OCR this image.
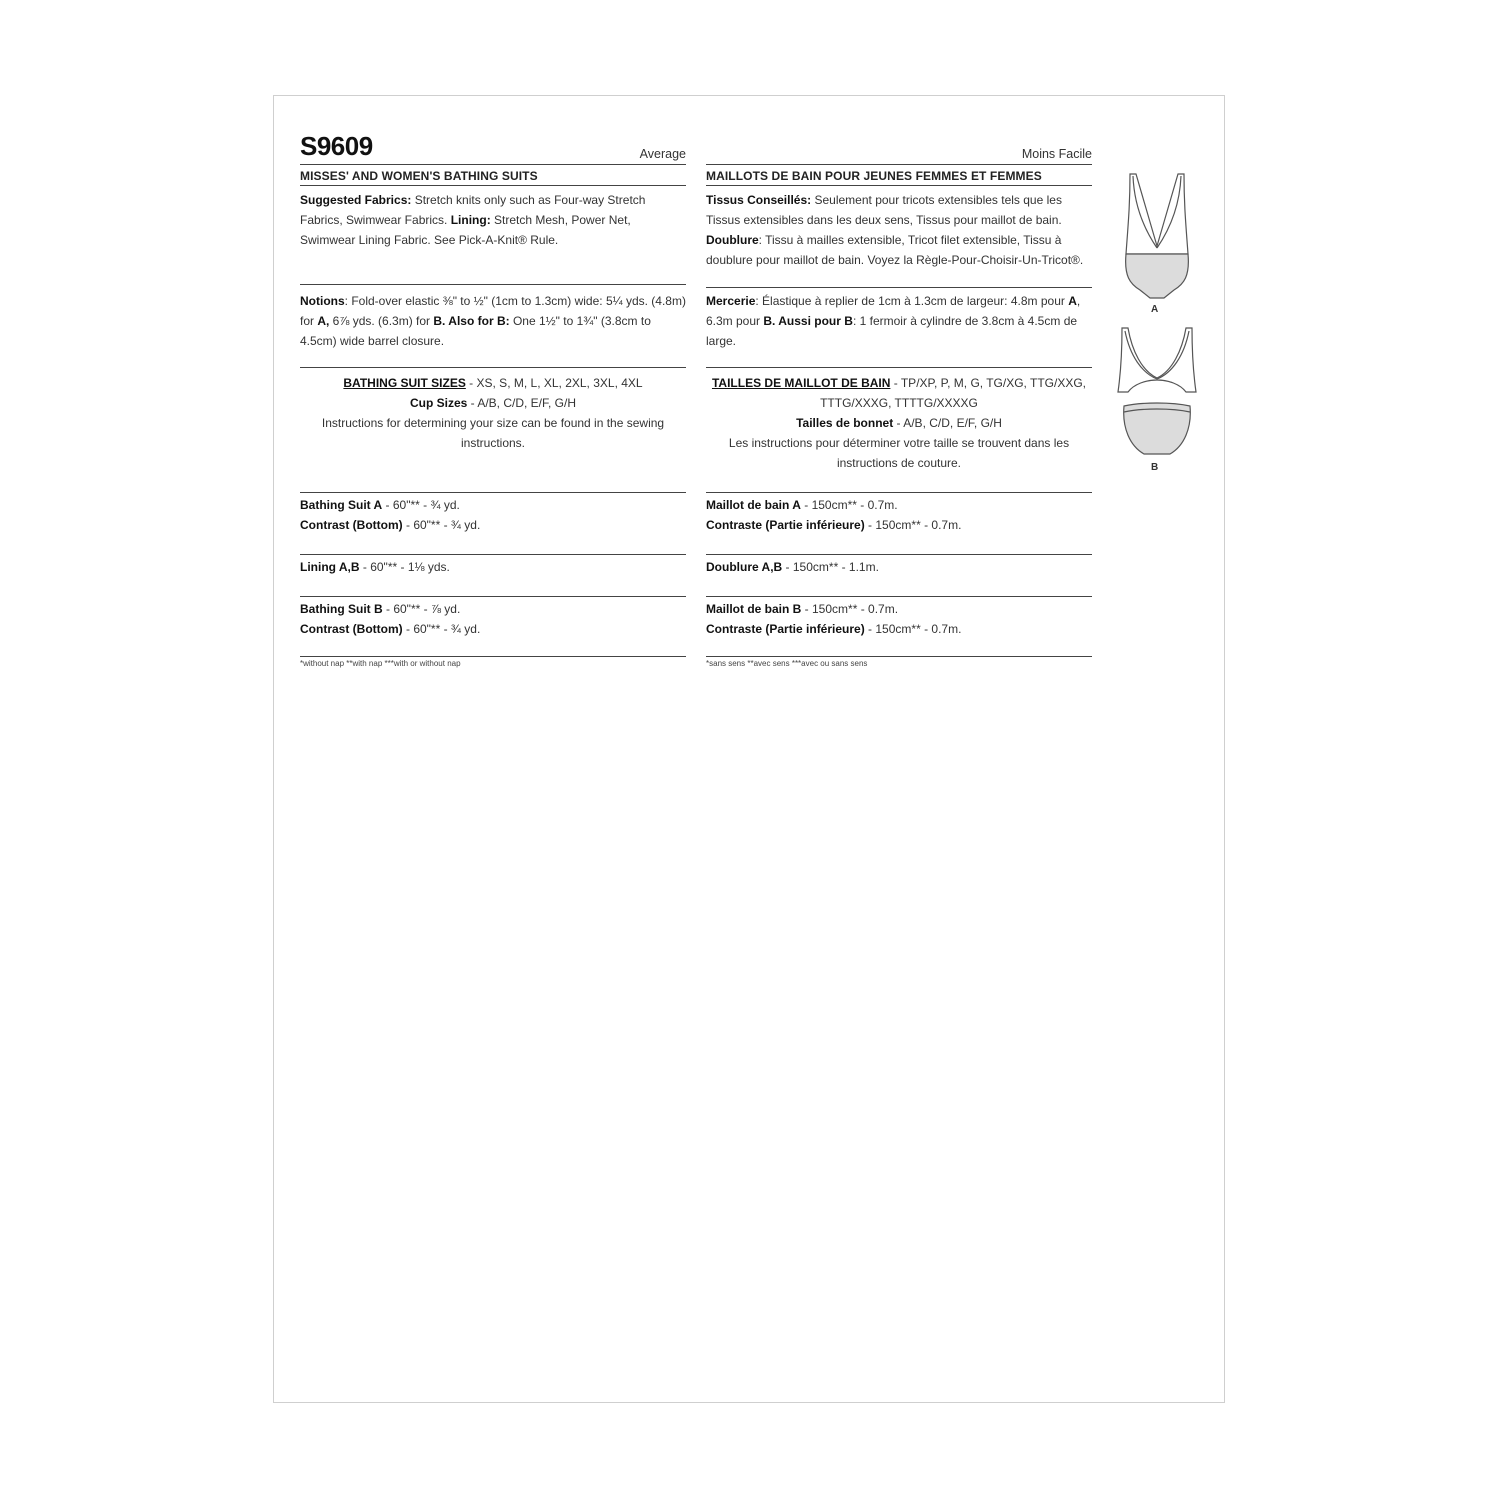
S9609	Average
MISSES' AND WOMEN'S BATHING SUITS
Suggested Fabrics: Stretch knits only such as Four-way Stretch Fabrics, Swimwear Fabrics. Lining: Stretch Mesh, Power Net, Swimwear Lining Fabric. See Pick-A-Knit® Rule.
Notions: Fold-over elastic ⅜" to ½" (1cm to 1.3cm) wide: 5¼ yds. (4.8m) for A, 6⅞ yds. (6.3m) for B. Also for B: One 1½" to 1¾" (3.8cm to 4.5cm) wide barrel closure.
BATHING SUIT SIZES - XS, S, M, L, XL, 2XL, 3XL, 4XL
Cup Sizes - A/B, C/D, E/F, G/H
Instructions for determining your size can be found in the sewing instructions.
Bathing Suit A - 60"** - ¾ yd.
Contrast (Bottom) - 60"** - ¾ yd.
Lining A,B - 60"** - 1⅛ yds.
Bathing Suit B - 60"** - ⅞ yd.
Contrast (Bottom) - 60"** - ¾ yd.
*without nap **with nap ***with or without nap
Moins Facile
MAILLOTS DE BAIN POUR JEUNES FEMMES ET FEMMES
Tissus Conseillés: Seulement pour tricots extensibles tels que les Tissus extensibles dans les deux sens, Tissus pour maillot de bain. Doublure: Tissu à mailles extensible, Tricot filet extensible, Tissu à doublure pour maillot de bain. Voyez la Règle-Pour-Choisir-Un-Tricot®.
Mercerie: Élastique à replier de 1cm à 1.3cm de largeur: 4.8m pour A, 6.3m pour B. Aussi pour B: 1 fermoir à cylindre de 3.8cm à 4.5cm de large.
TAILLES DE MAILLOT DE BAIN - TP/XP, P, M, G, TG/XG, TTG/XXG, TTTG/XXXG, TTTTG/XXXXG
Tailles de bonnet - A/B, C/D, E/F, G/H
Les instructions pour déterminer votre taille se trouvent dans les instructions de couture.
Maillot de bain A - 150cm** - 0.7m.
Contraste (Partie inférieure) - 150cm** - 0.7m.
Doublure A,B - 150cm** - 1.1m.
Maillot de bain B - 150cm** - 0.7m.
Contraste (Partie inférieure) - 150cm** - 0.7m.
*sans sens **avec sens ***avec ou sans sens
A
B
